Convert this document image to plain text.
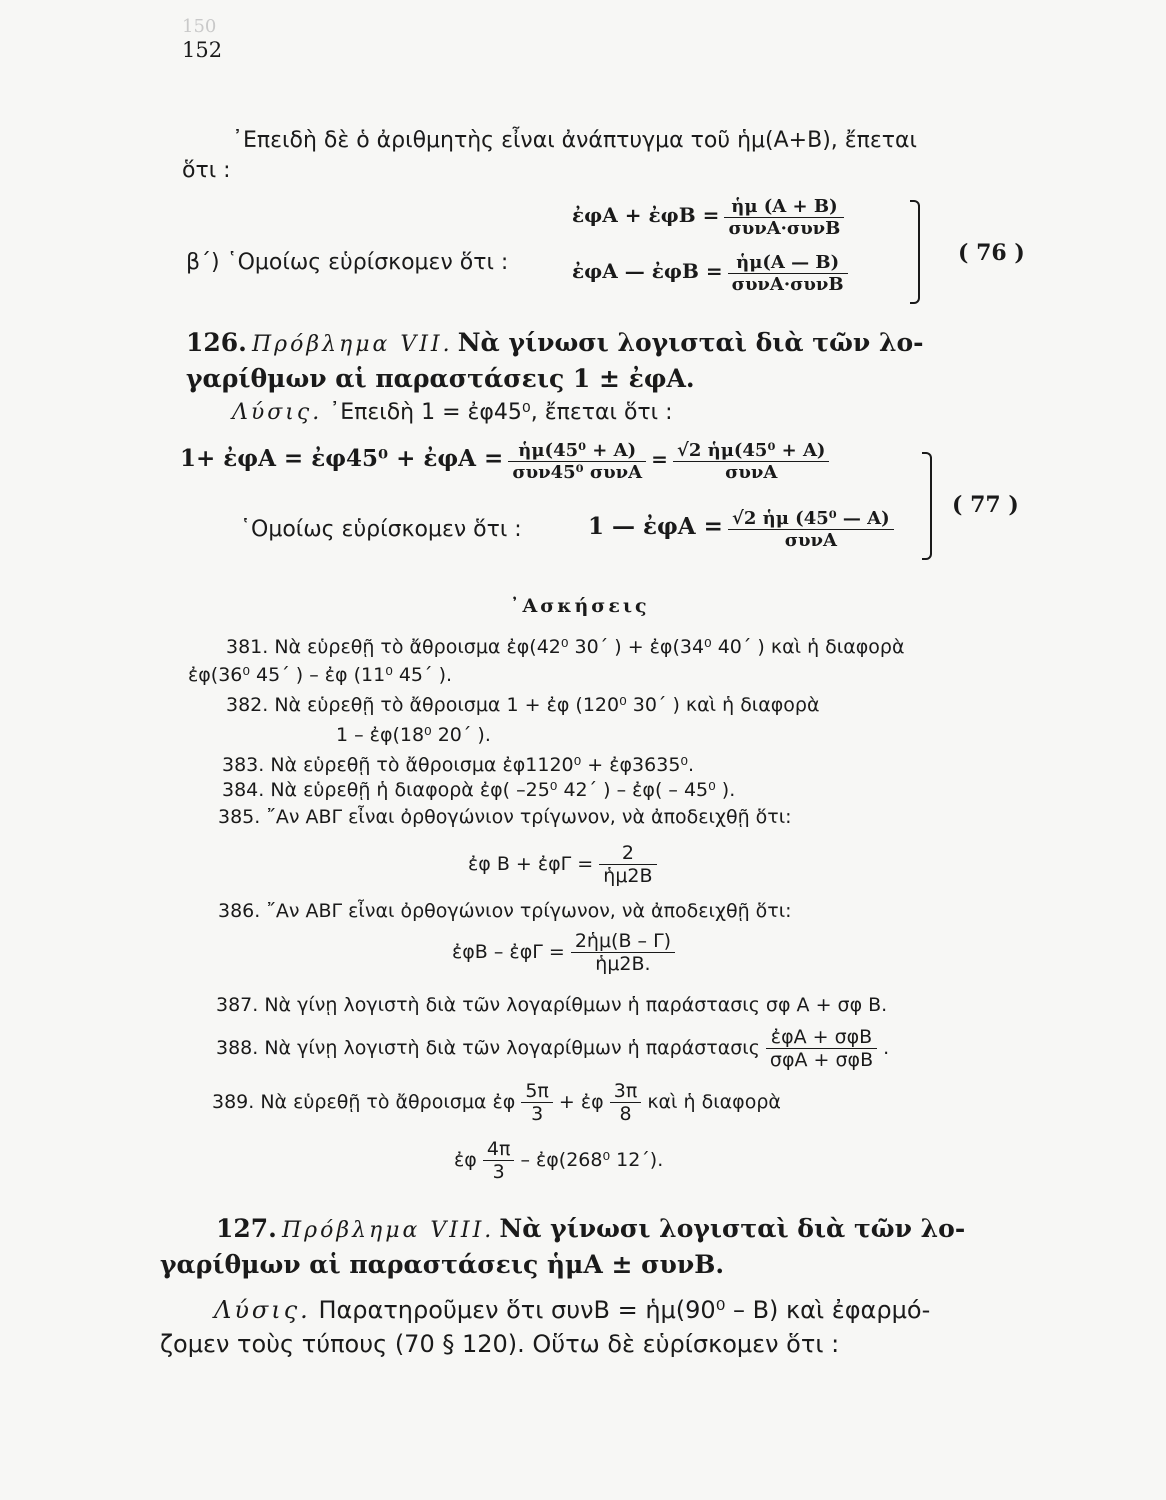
150
152
᾿Επειδὴ δὲ ὁ ἀριθμητὴς εἶναι ἀνάπτυγμα τοῦ ἡμ(Α+Β), ἔπεται
ὅτι :
β΄) ῾Ομοίως εὑρίσκομεν ὅτι :
ἐφΑ + ἐφΒ = $\frac{\text{ἡμ (Α + Β)}}{\text{συνΑ·συνΒ}}$
ἐφΑ — ἐφΒ = $\frac{\text{ἡμ(Α — Β)}}{\text{συνΑ·συνΒ}}$	( 76 )
126. Πρόβλημα VII. Νὰ γίνωσι λογισταὶ διὰ τῶν λο-
γαρίθμων αἱ παραστάσεις 1 ± ἐφΑ.
Λύσις. ᾿Επειδὴ 1 = ἐφ45⁰, ἔπεται ὅτι :
1+ ἐφΑ = ἐφ45⁰ + ἐφΑ = $\frac{\text{ἡμ(45⁰ + Α)}}{\text{συν45⁰ συνΑ}} = \frac{\text{√2 ἡμ(45⁰ + Α)}}{\text{συνΑ}}$
῾Ομοίως εὑρίσκομεν ὅτι :	1 — ἐφΑ = $\frac{\text{√2 ἡμ (45⁰ — Α)}}{\text{συνΑ}}$
( 77 )
᾿Ασκήσεις
381. Νὰ εὑρεθῇ τὸ ἄθροισμα ἐφ(42⁰ 30΄ ) + ἐφ(34⁰ 40΄ ) καὶ ἡ διαφορὰ
ἐφ(36⁰ 45΄ ) – ἐφ (11⁰ 45΄ ).
382. Νὰ εὑρεθῇ τὸ ἄθροισμα 1 + ἐφ (120⁰ 30΄ ) καὶ ἡ διαφορὰ
1 – ἐφ(18⁰ 20΄ ).
383. Νὰ εὑρεθῇ τὸ ἄθροισμα ἐφ1120⁰ + ἐφ3635⁰.
384. Νὰ εὑρεθῇ ἡ διαφορὰ ἐφ( –25⁰ 42΄ ) – ἐφ( – 45⁰ ).
385. ῎Αν ΑΒΓ εἶναι ὀρθογώνιον τρίγωνον, νὰ ἀποδειχθῇ ὅτι:
ἐφ Β + ἐφΓ = $\frac{2}{\text{ἡμ2Β}}$
386. ῎Αν ΑΒΓ εἶναι ὀρθογώνιον τρίγωνον, νὰ ἀποδειχθῇ ὅτι:
ἐφΒ – ἐφΓ = $\frac{\text{2ἡμ(Β – Γ)}}{\text{ἡμ2Β.}}$
387. Νὰ γίνῃ λογιστὴ διὰ τῶν λογαρίθμων ἡ παράστασις σφ Α + σφ Β.
388. Νὰ γίνῃ λογιστὴ διὰ τῶν λογαρίθμων ἡ παράστασις $\frac{\text{ἐφΑ + σφΒ}}{\text{σφΑ + σφΒ}}$ .
389. Νὰ εὑρεθῇ τὸ ἄθροισμα ἐφ $\frac{5\pi}{3}$ + ἐφ $\frac{3\pi}{8}$ καὶ ἡ διαφορὰ
ἐφ $\frac{4\pi}{3}$ – ἐφ(268⁰ 12΄).
127. Πρόβλημα VIII. Νὰ γίνωσι λογισταὶ διὰ τῶν λο-
γαρίθμων αἱ παραστάσεις ἡμΑ ± συνΒ.
Λύσις. Παρατηροῦμεν ὅτι συνΒ = ἡμ(90⁰ – Β) καὶ ἐφαρμό-
ζομεν τοὺς τύπους (70 § 120). Οὕτω δὲ εὑρίσκομεν ὅτι :
